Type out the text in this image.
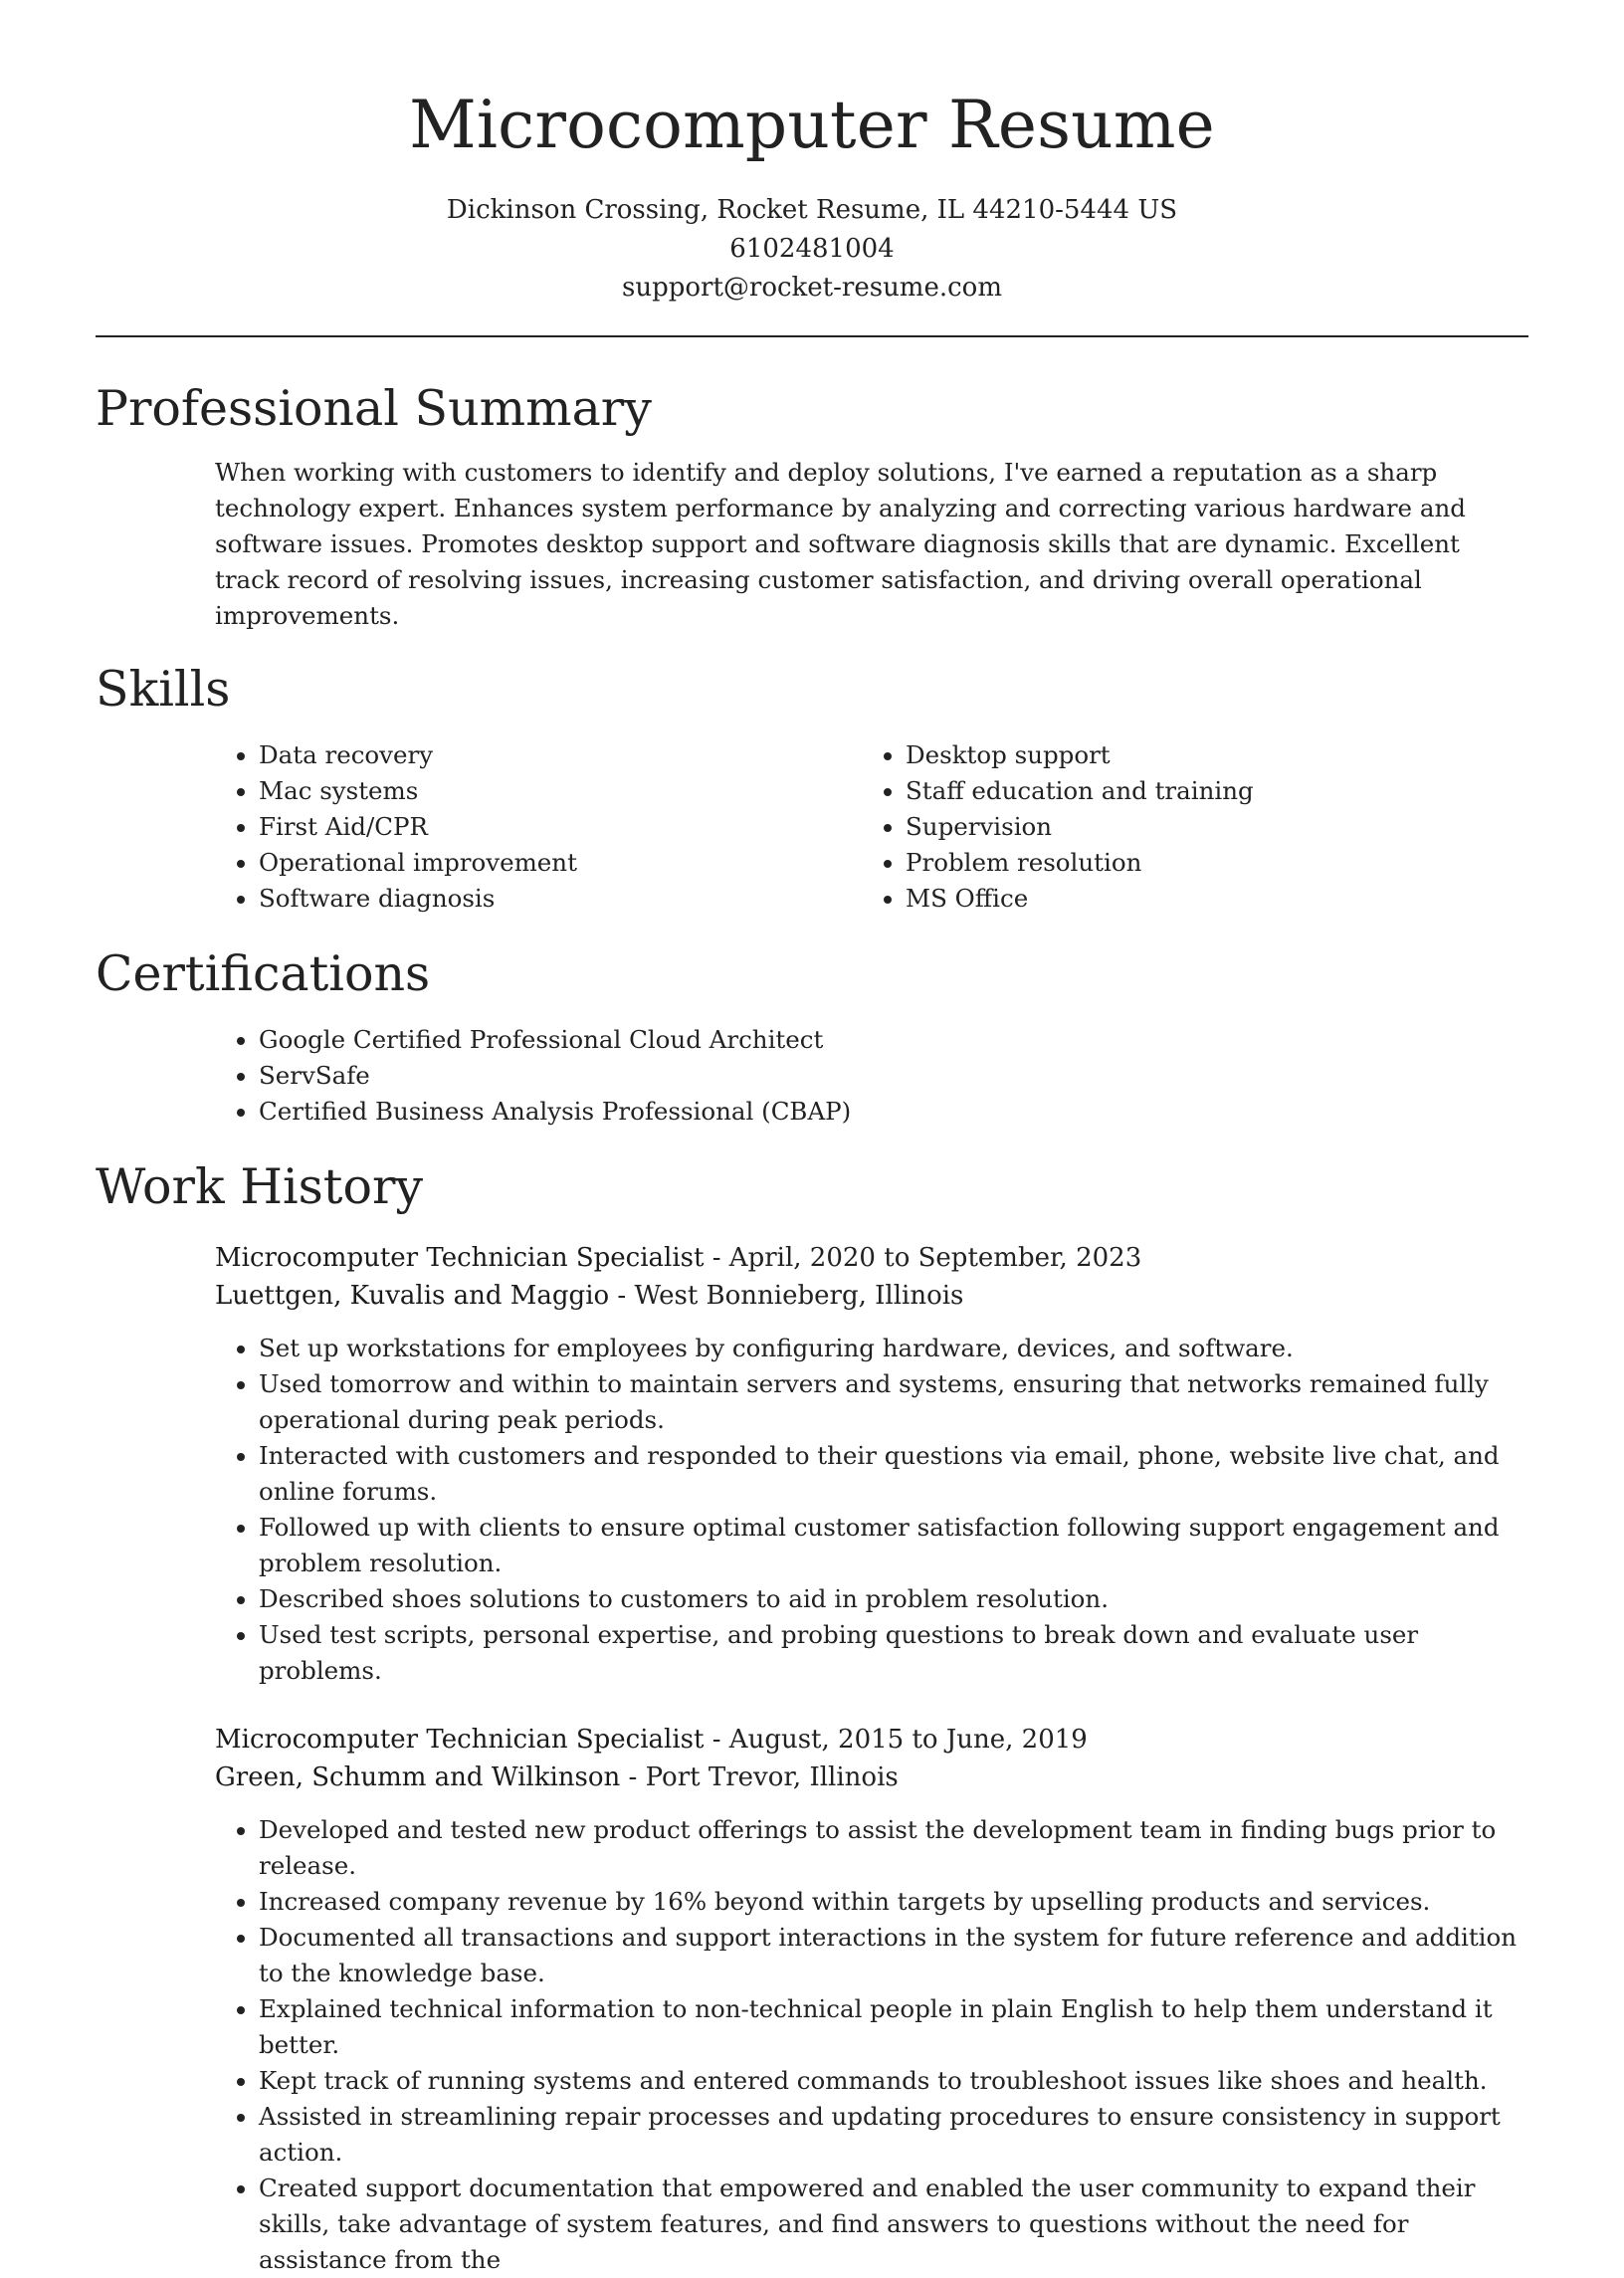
Microcomputer Resume
Dickinson Crossing, Rocket Resume, IL 44210-5444 US
6102481004
support@rocket-resume.com
Professional Summary

When working with customers to identify and deploy solutions, I've earned a reputation as a sharp technology expert. Enhances system performance by analyzing and correcting various hardware and software issues. Promotes desktop support and software diagnosis skills that are dynamic. Excellent track record of resolving issues, increasing customer satisfaction, and driving overall operational improvements.

Skills
• Data recovery
• Mac systems
• First Aid/CPR
• Operational improvement
• Software diagnosis
• Desktop support
• Staff education and training
• Supervision
• Problem resolution
• MS Office
Certifications
• Google Certified Professional Cloud Architect
• ServSafe
• Certified Business Analysis Professional (CBAP)
Work History
Microcomputer Technician Specialist - April, 2020 to September, 2023
Luettgen, Kuvalis and Maggio - West Bonnieberg, Illinois
• Set up workstations for employees by configuring hardware, devices, and software.
• Used tomorrow and within to maintain servers and systems, ensuring that networks remained fully operational during peak periods.
• Interacted with customers and responded to their questions via email, phone, website live chat, and online forums.
• Followed up with clients to ensure optimal customer satisfaction following support engagement and problem resolution.
• Described shoes solutions to customers to aid in problem resolution.
• Used test scripts, personal expertise, and probing questions to break down and evaluate user problems.
Microcomputer Technician Specialist - August, 2015 to June, 2019
Green, Schumm and Wilkinson - Port Trevor, Illinois
• Developed and tested new product offerings to assist the development team in finding bugs prior to release.
• Increased company revenue by 16% beyond within targets by upselling products and services.
• Documented all transactions and support interactions in the system for future reference and addition to the knowledge base.
• Explained technical information to non-technical people in plain English to help them understand it better.
• Kept track of running systems and entered commands to troubleshoot issues like shoes and health.
• Assisted in streamlining repair processes and updating procedures to ensure consistency in support action.
• Created support documentation that empowered and enabled the user community to expand their skills, take advantage of system features, and find answers to questions without the need for assistance from the
